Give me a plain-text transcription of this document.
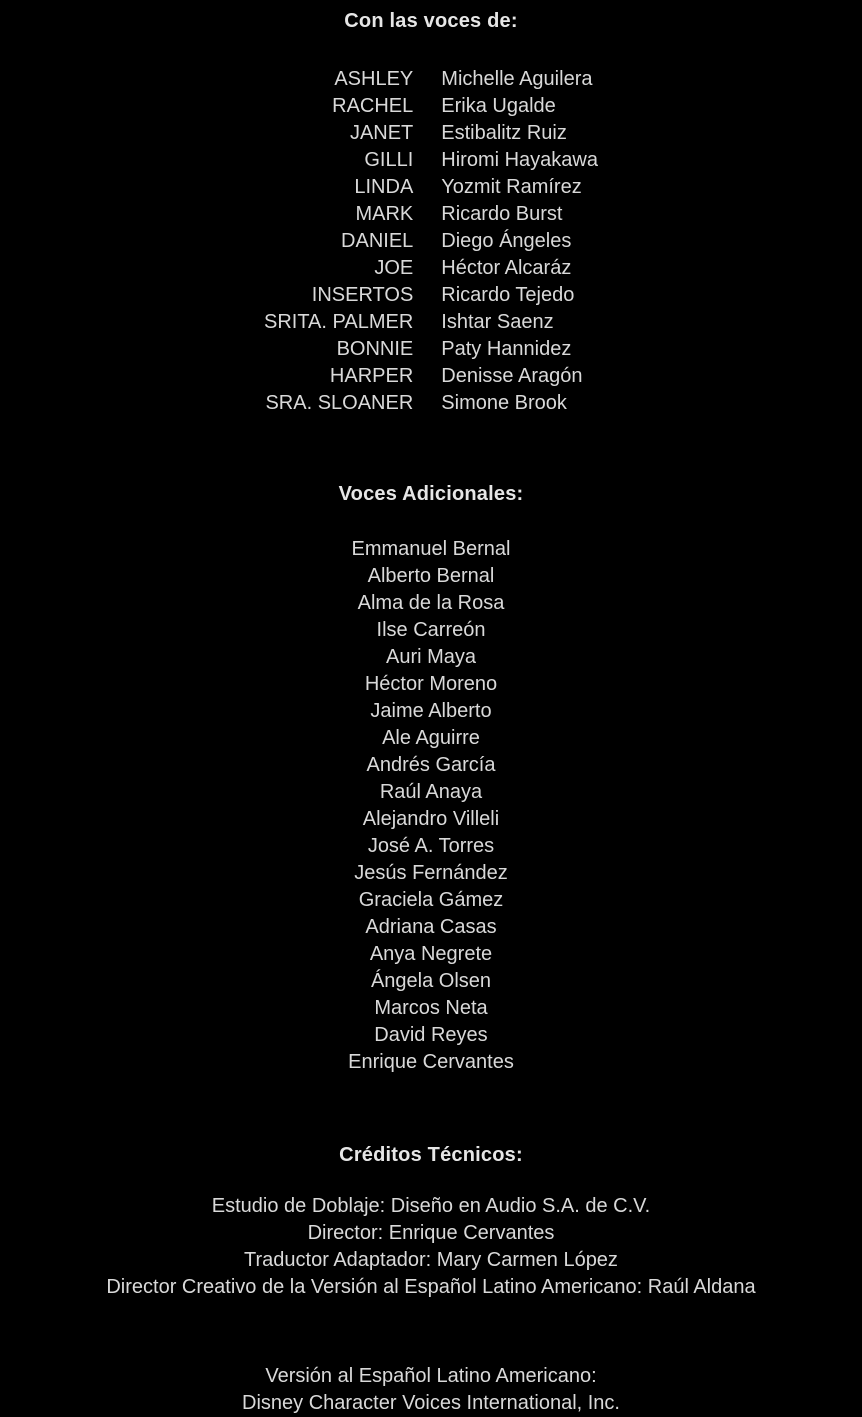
Con las voces de:
ASHLEY	Michelle Aguilera
RACHEL	Erika Ugalde
JANET	Estibalitz Ruiz
GILLI	Hiromi Hayakawa
LINDA	Yozmit Ramírez
MARK	Ricardo Burst
DANIEL	Diego Ángeles
JOE	Héctor Alcaráz
INSERTOS	Ricardo Tejedo
SRITA. PALMER	Ishtar Saenz
BONNIE	Paty Hannidez
HARPER	Denisse Aragón
SRA. SLOANER	Simone Brook
Voces Adicionales:
Emmanuel Bernal
Alberto Bernal
Alma de la Rosa
Ilse Carreón
Auri Maya
Héctor Moreno
Jaime Alberto
Ale Aguirre
Andrés García
Raúl Anaya
Alejandro Villeli
José A. Torres
Jesús Fernández
Graciela Gámez
Adriana Casas
Anya Negrete
Ángela Olsen
Marcos Neta
David Reyes
Enrique Cervantes
Créditos Técnicos:
Estudio de Doblaje: Diseño en Audio S.A. de C.V.
Director: Enrique Cervantes
Traductor Adaptador: Mary Carmen López
Director Creativo de la Versión al Español Latino Americano: Raúl Aldana
Versión al Español Latino Americano:
Disney Character Voices International, Inc.
